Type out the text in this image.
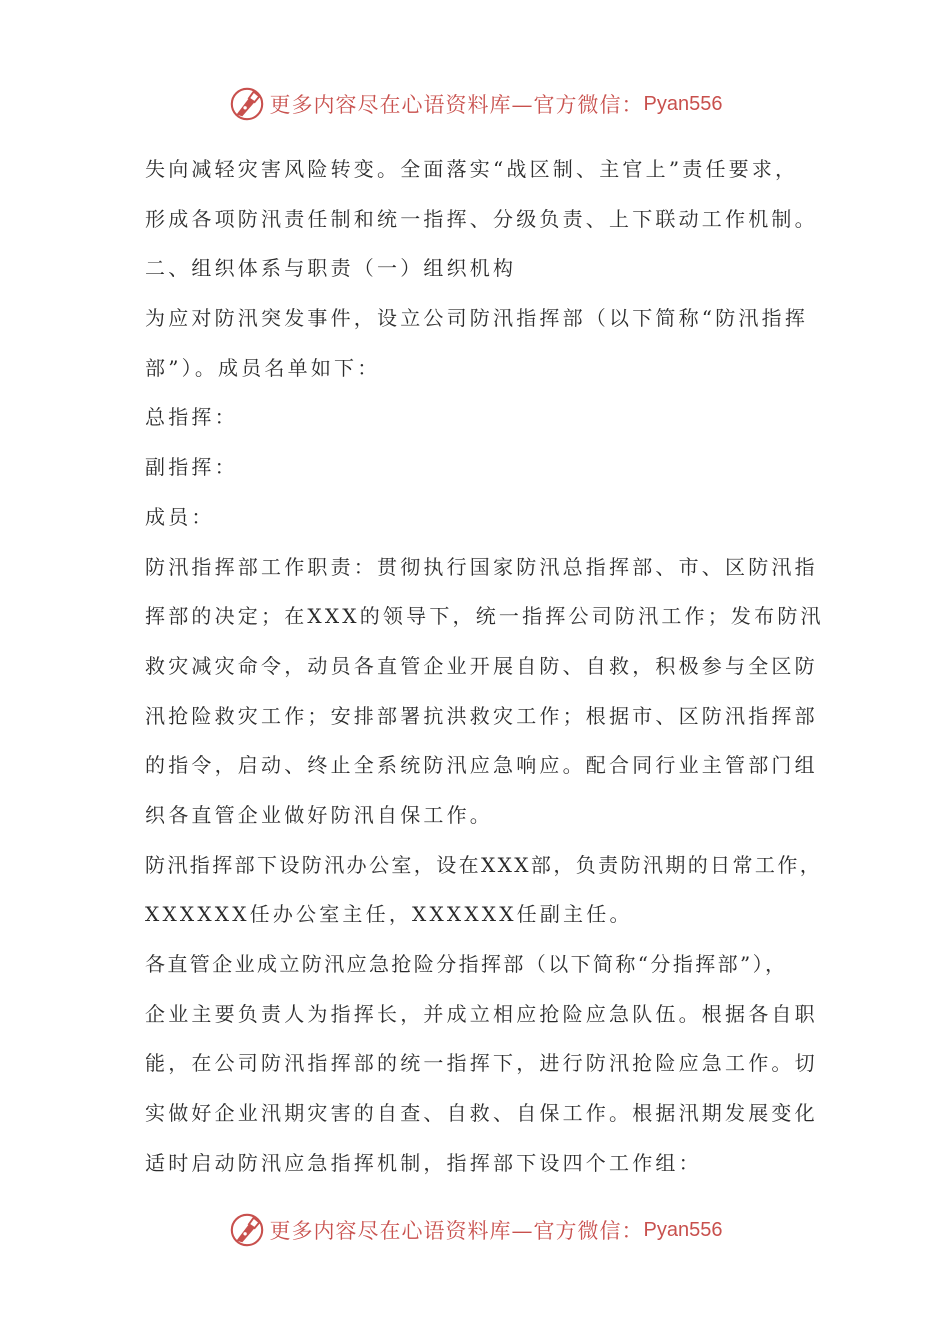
更多内容尽在心语资料库—官方微信： Pyan556
失向减轻灾害风险转变。全面落实“战区制、主官上”责任要求，
形成各项防汛责任制和统一指挥、分级负责、上下联动工作机制。
二、组织体系与职责（一）组织机构
为应对防汛突发事件，设立公司防汛指挥部（以下简称“防汛指挥
部”）。成员名单如下：
总指挥：
副指挥：
成员：
防汛指挥部工作职责：贯彻执行国家防汛总指挥部、市、区防汛指
挥部的决定；在XXX的领导下，统一指挥公司防汛工作；发布防汛
救灾减灾命令，动员各直管企业开展自防、自救，积极参与全区防
汛抢险救灾工作；安排部署抗洪救灾工作；根据市、区防汛指挥部
的指令，启动、终止全系统防汛应急响应。配合同行业主管部门组
织各直管企业做好防汛自保工作。
防汛指挥部下设防汛办公室，设在XXX部，负责防汛期的日常工作，
XXXXXX任办公室主任，XXXXXX任副主任。
各直管企业成立防汛应急抢险分指挥部（以下简称“分指挥部”），
企业主要负责人为指挥长，并成立相应抢险应急队伍。根据各自职
能，在公司防汛指挥部的统一指挥下，进行防汛抢险应急工作。切
实做好企业汛期灾害的自查、自救、自保工作。根据汛期发展变化
适时启动防汛应急指挥机制，指挥部下设四个工作组：
更多内容尽在心语资料库—官方微信： Pyan556
